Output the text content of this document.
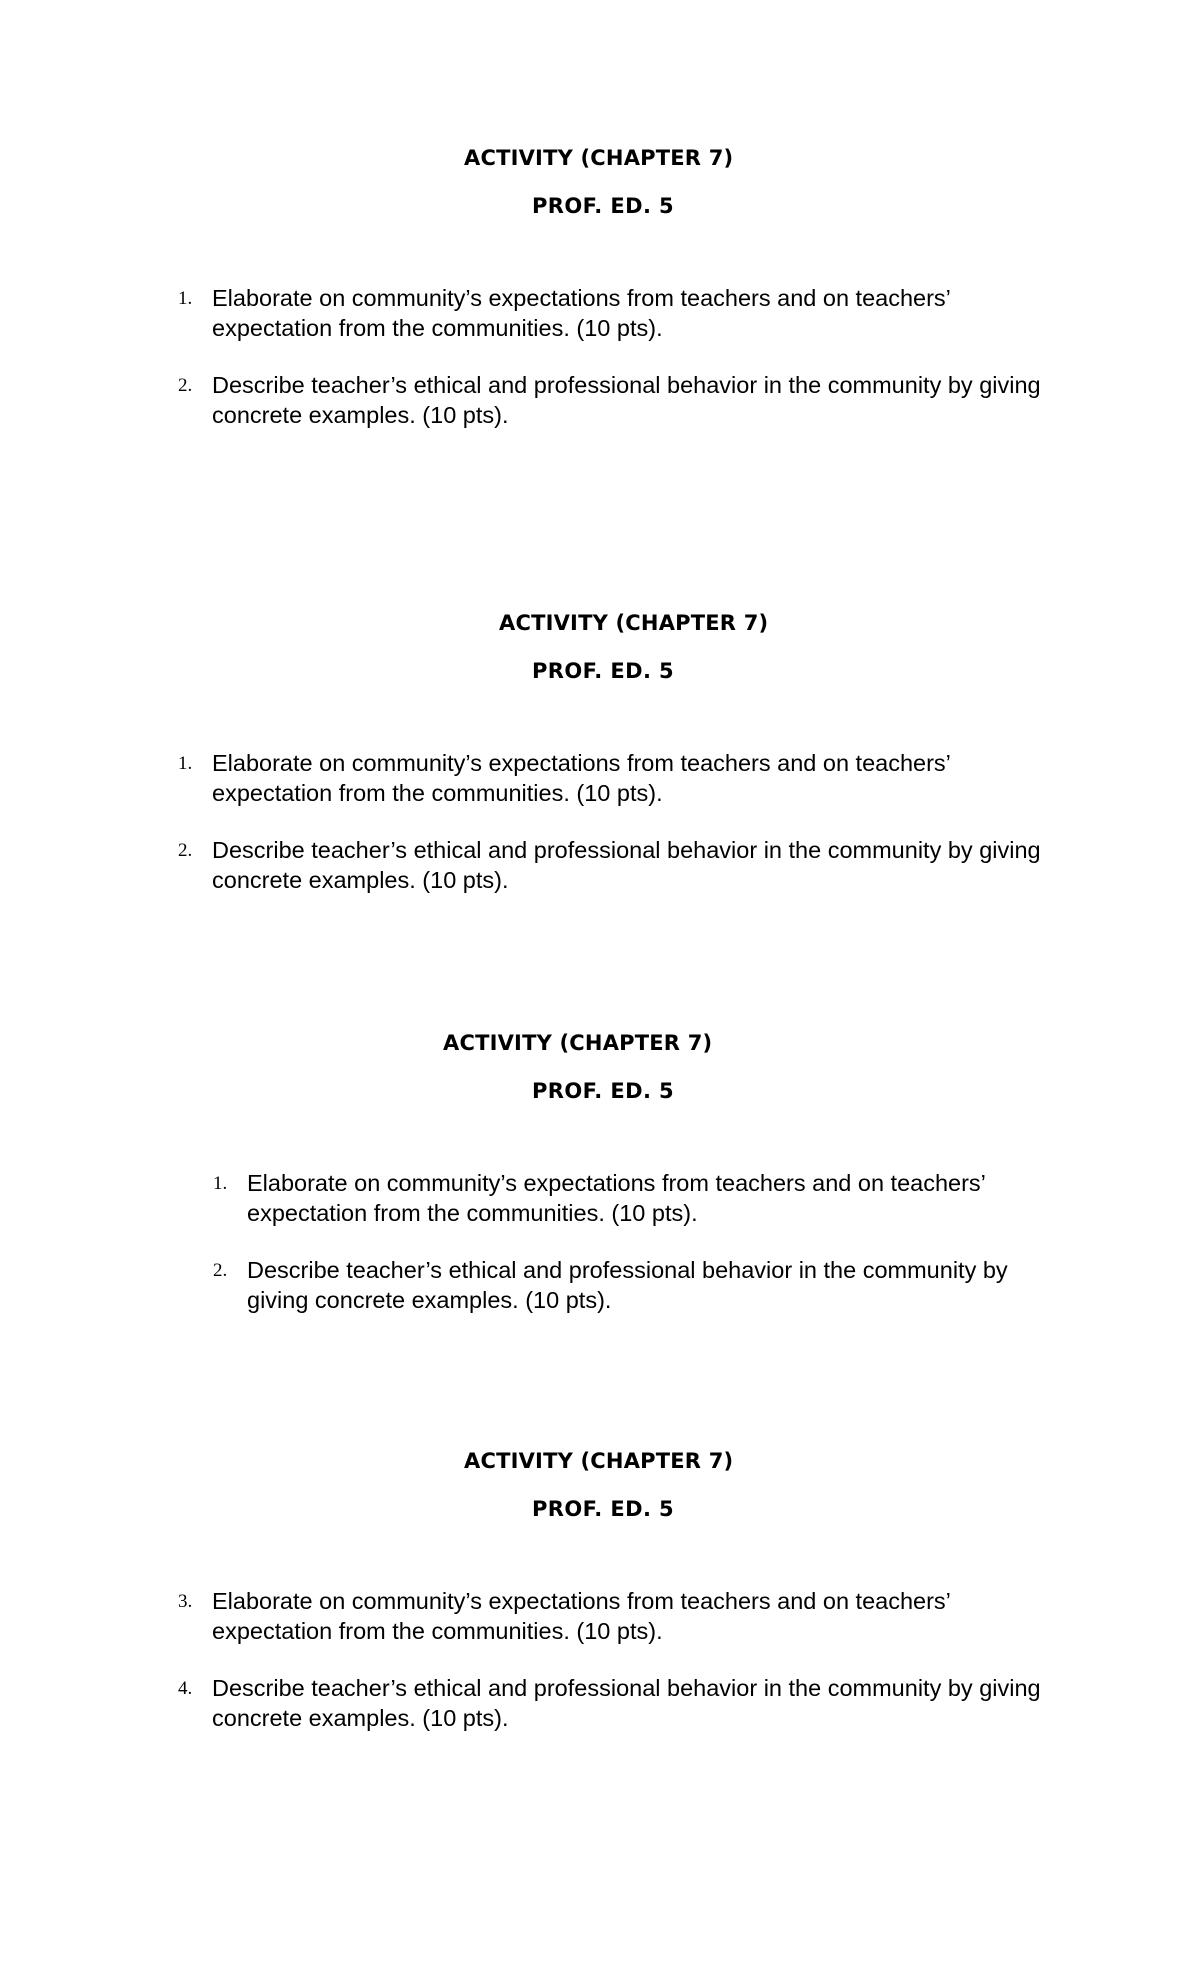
ACTIVITY (CHAPTER 7)
PROF. ED. 5
1. Elaborate on community’s expectations from teachers and on teachers’ expectation from the communities. (10 pts).
2. Describe teacher’s ethical and professional behavior in the community by giving concrete examples. (10 pts).
ACTIVITY (CHAPTER 7)
PROF. ED. 5
1. Elaborate on community’s expectations from teachers and on teachers’ expectation from the communities. (10 pts).
2. Describe teacher’s ethical and professional behavior in the community by giving concrete examples. (10 pts).
ACTIVITY (CHAPTER 7)
PROF. ED. 5
1. Elaborate on community’s expectations from teachers and on teachers’ expectation from the communities. (10 pts).
2. Describe teacher’s ethical and professional behavior in the community by giving concrete examples. (10 pts).
ACTIVITY (CHAPTER 7)
PROF. ED. 5
3. Elaborate on community’s expectations from teachers and on teachers’ expectation from the communities. (10 pts).
4. Describe teacher’s ethical and professional behavior in the community by giving concrete examples. (10 pts).
